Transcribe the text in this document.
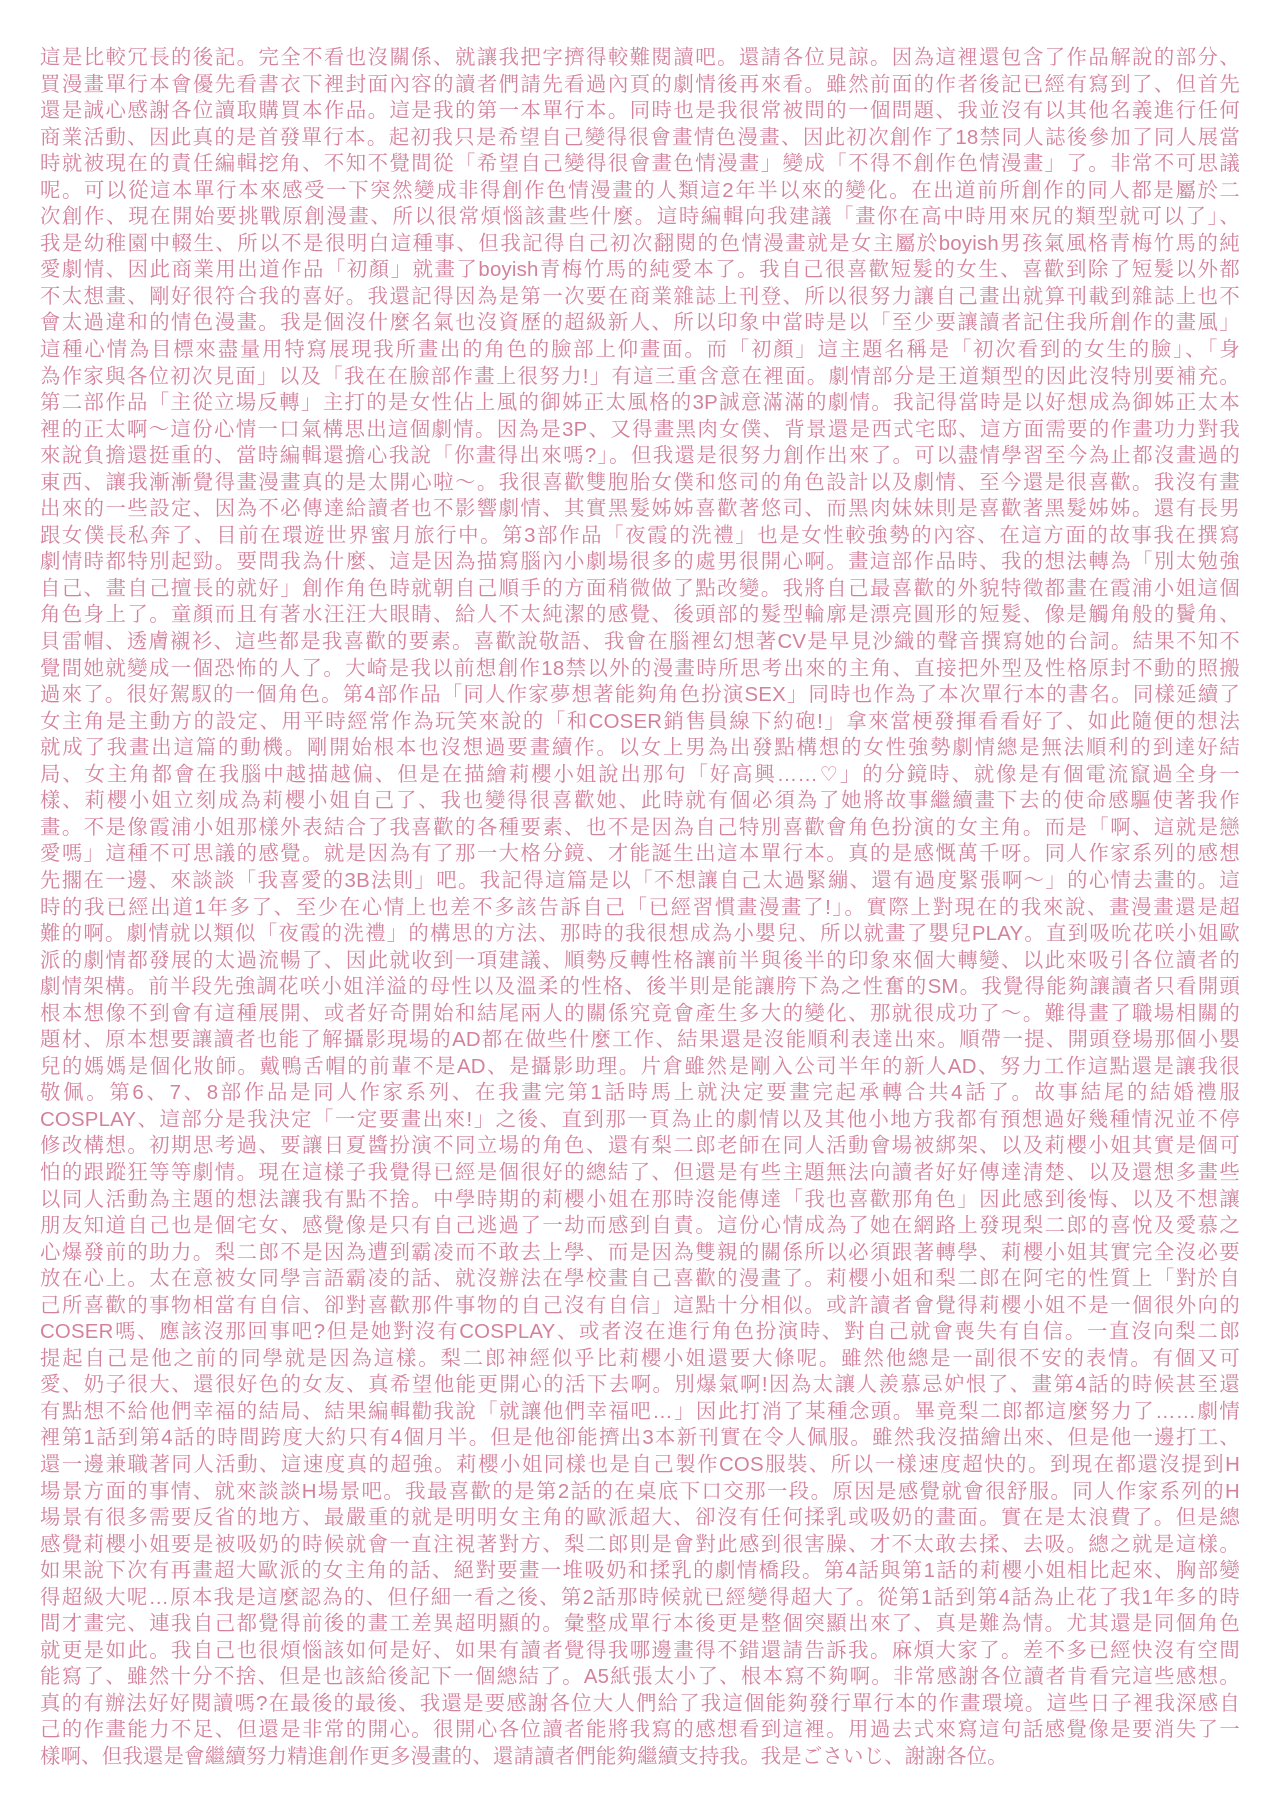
這是比較冗長的後記。完全不看也沒關係、就讓我把字擠得較難閱讀吧。還請各位見諒。因為這裡還包含了作品解說的部分、
買漫畫單行本會優先看書衣下裡封面內容的讀者們請先看過內頁的劇情後再來看。雖然前面的作者後記已經有寫到了、但首先
還是誠心感謝各位讀取購買本作品。這是我的第一本單行本。同時也是我很常被問的一個問題、我並沒有以其他名義進行任何
商業活動、因此真的是首發單行本。起初我只是希望自己變得很會畫情色漫畫、因此初次創作了18禁同人誌後參加了同人展當
時就被現在的責任編輯挖角、不知不覺間從「希望自己變得很會畫色情漫畫」變成「不得不創作色情漫畫」了。非常不可思議
呢。可以從這本單行本來感受一下突然變成非得創作色情漫畫的人類這2年半以來的變化。在出道前所創作的同人都是屬於二
次創作、現在開始要挑戰原創漫畫、所以很常煩惱該畫些什麼。這時編輯向我建議「畫你在高中時用來尻的類型就可以了」、
我是幼稚園中輟生、所以不是很明白這種事、但我記得自己初次翻閱的色情漫畫就是女主屬於boyish男孩氣風格青梅竹馬的純
愛劇情、因此商業用出道作品「初顏」就畫了boyish青梅竹馬的純愛本了。我自己很喜歡短髮的女生、喜歡到除了短髮以外都
不太想畫、剛好很符合我的喜好。我還記得因為是第一次要在商業雜誌上刊登、所以很努力讓自己畫出就算刊載到雜誌上也不
會太過違和的情色漫畫。我是個沒什麼名氣也沒資歷的超級新人、所以印象中當時是以「至少要讓讀者記住我所創作的畫風」
這種心情為目標來盡量用特寫展現我所畫出的角色的臉部上仰畫面。而「初顏」這主題名稱是「初次看到的女生的臉」、「身
為作家與各位初次見面」以及「我在在臉部作畫上很努力!」有這三重含意在裡面。劇情部分是王道類型的因此沒特別要補充。
第二部作品「主從立場反轉」主打的是女性佔上風的御姊正太風格的3P誠意滿滿的劇情。我記得當時是以好想成為御姊正太本
裡的正太啊～這份心情一口氣構思出這個劇情。因為是3P、又得畫黑肉女僕、背景還是西式宅邸、這方面需要的作畫功力對我
來說負擔還挺重的、當時編輯還擔心我說「你畫得出來嗎?」。但我還是很努力創作出來了。可以盡情學習至今為止都沒畫過的
東西、讓我漸漸覺得畫漫畫真的是太開心啦～。我很喜歡雙胞胎女僕和悠司的角色設計以及劇情、至今還是很喜歡。我沒有畫
出來的一些設定、因為不必傳達給讀者也不影響劇情、其實黑髮姊姊喜歡著悠司、而黑肉妹妹則是喜歡著黑髮姊姊。還有長男
跟女僕長私奔了、目前在環遊世界蜜月旅行中。第3部作品「夜霞的洗禮」也是女性較強勢的內容、在這方面的故事我在撰寫
劇情時都特別起勁。要問我為什麼、這是因為描寫腦內小劇場很多的處男很開心啊。畫這部作品時、我的想法轉為「別太勉強
自己、畫自己擅長的就好」創作角色時就朝自己順手的方面稍微做了點改變。我將自己最喜歡的外貌特徵都畫在霞浦小姐這個
角色身上了。童顏而且有著水汪汪大眼睛、給人不太純潔的感覺、後頭部的髮型輪廓是漂亮圓形的短髮、像是觸角般的鬢角、
貝雷帽、透膚襯衫、這些都是我喜歡的要素。喜歡說敬語、我會在腦裡幻想著CV是早見沙織的聲音撰寫她的台詞。結果不知不
覺間她就變成一個恐怖的人了。大崎是我以前想創作18禁以外的漫畫時所思考出來的主角、直接把外型及性格原封不動的照搬
過來了。很好駕馭的一個角色。第4部作品「同人作家夢想著能夠角色扮演SEX」同時也作為了本次單行本的書名。同樣延續了
女主角是主動方的設定、用平時經常作為玩笑來說的「和COSER銷售員線下約砲!」拿來當梗發揮看看好了、如此隨便的想法
就成了我畫出這篇的動機。剛開始根本也沒想過要畫續作。以女上男為出發點構想的女性強勢劇情總是無法順利的到達好結
局、女主角都會在我腦中越描越偏、但是在描繪莉櫻小姐說出那句「好高興……♡」的分鏡時、就像是有個電流竄過全身一
樣、莉櫻小姐立刻成為莉櫻小姐自己了、我也變得很喜歡她、此時就有個必須為了她將故事繼續畫下去的使命感驅使著我作
畫。不是像霞浦小姐那樣外表結合了我喜歡的各種要素、也不是因為自己特別喜歡會角色扮演的女主角。而是「啊、這就是戀
愛嗎」這種不可思議的感覺。就是因為有了那一大格分鏡、才能誕生出這本單行本。真的是感慨萬千呀。同人作家系列的感想
先擱在一邊、來談談「我喜愛的3B法則」吧。我記得這篇是以「不想讓自己太過緊繃、還有過度緊張啊～」的心情去畫的。這
時的我已經出道1年多了、至少在心情上也差不多該告訴自己「已經習慣畫漫畫了!」。實際上對現在的我來說、畫漫畫還是超
難的啊。劇情就以類似「夜霞的洗禮」的構思的方法、那時的我很想成為小嬰兒、所以就畫了嬰兒PLAY。直到吸吮花咲小姐歐
派的劇情都發展的太過流暢了、因此就收到一項建議、順勢反轉性格讓前半與後半的印象來個大轉變、以此來吸引各位讀者的
劇情架構。前半段先強調花咲小姐洋溢的母性以及溫柔的性格、後半則是能讓胯下為之性奮的SM。我覺得能夠讓讀者只看開頭
根本想像不到會有這種展開、或者好奇開始和結尾兩人的關係究竟會產生多大的變化、那就很成功了～。難得畫了職場相關的
題材、原本想要讓讀者也能了解攝影現場的AD都在做些什麼工作、結果還是沒能順利表達出來。順帶一提、開頭登場那個小嬰
兒的媽媽是個化妝師。戴鴨舌帽的前輩不是AD、是攝影助理。片倉雖然是剛入公司半年的新人AD、努力工作這點還是讓我很
敬佩。第6、7、8部作品是同人作家系列、在我畫完第1話時馬上就決定要畫完起承轉合共4話了。故事結尾的結婚禮服
COSPLAY、這部分是我決定「一定要畫出來!」之後、直到那一頁為止的劇情以及其他小地方我都有預想過好幾種情況並不停
修改構想。初期思考過、要讓日夏醬扮演不同立場的角色、還有梨二郎老師在同人活動會場被綁架、以及莉櫻小姐其實是個可
怕的跟蹤狂等等劇情。現在這樣子我覺得已經是個很好的總結了、但還是有些主題無法向讀者好好傳達清楚、以及還想多畫些
以同人活動為主題的想法讓我有點不捨。中學時期的莉櫻小姐在那時沒能傳達「我也喜歡那角色」因此感到後悔、以及不想讓
朋友知道自己也是個宅女、感覺像是只有自己逃過了一劫而感到自責。這份心情成為了她在網路上發現梨二郎的喜悅及愛慕之
心爆發前的助力。梨二郎不是因為遭到霸凌而不敢去上學、而是因為雙親的關係所以必須跟著轉學、莉櫻小姐其實完全沒必要
放在心上。太在意被女同學言語霸凌的話、就沒辦法在學校畫自己喜歡的漫畫了。莉櫻小姐和梨二郎在阿宅的性質上「對於自
己所喜歡的事物相當有自信、卻對喜歡那件事物的自己沒有自信」這點十分相似。或許讀者會覺得莉櫻小姐不是一個很外向的
COSER嗎、應該沒那回事吧?但是她對沒有COSPLAY、或者沒在進行角色扮演時、對自己就會喪失有自信。一直沒向梨二郎
提起自己是他之前的同學就是因為這樣。梨二郎神經似乎比莉櫻小姐還要大條呢。雖然他總是一副很不安的表情。有個又可
愛、奶子很大、還很好色的女友、真希望他能更開心的活下去啊。別爆氣啊!因為太讓人羨慕忌妒恨了、畫第4話的時候甚至還
有點想不給他們幸福的結局、結果編輯勸我說「就讓他們幸福吧…」因此打消了某種念頭。畢竟梨二郎都這麼努力了……劇情
裡第1話到第4話的時間跨度大約只有4個月半。但是他卻能擠出3本新刊實在令人佩服。雖然我沒描繪出來、但是他一邊打工、
還一邊兼職著同人活動、這速度真的超強。莉櫻小姐同樣也是自己製作COS服裝、所以一樣速度超快的。到現在都還沒提到H
場景方面的事情、就來談談H場景吧。我最喜歡的是第2話的在桌底下口交那一段。原因是感覺就會很舒服。同人作家系列的H
場景有很多需要反省的地方、最嚴重的就是明明女主角的歐派超大、卻沒有任何揉乳或吸奶的畫面。實在是太浪費了。但是總
感覺莉櫻小姐要是被吸奶的時候就會一直注視著對方、梨二郎則是會對此感到很害臊、才不太敢去揉、去吸。總之就是這樣。
如果說下次有再畫超大歐派的女主角的話、絕對要畫一堆吸奶和揉乳的劇情橋段。第4話與第1話的莉櫻小姐相比起來、胸部變
得超級大呢…原本我是這麼認為的、但仔細一看之後、第2話那時候就已經變得超大了。從第1話到第4話為止花了我1年多的時
間才畫完、連我自己都覺得前後的畫工差異超明顯的。彙整成單行本後更是整個突顯出來了、真是難為情。尤其還是同個角色
就更是如此。我自己也很煩惱該如何是好、如果有讀者覺得我哪邊畫得不錯還請告訴我。麻煩大家了。差不多已經快沒有空間
能寫了、雖然十分不捨、但是也該給後記下一個總結了。A5紙張太小了、根本寫不夠啊。非常感謝各位讀者肯看完這些感想。
真的有辦法好好閱讀嗎?在最後的最後、我還是要感謝各位大人們給了我這個能夠發行單行本的作畫環境。這些日子裡我深感自
己的作畫能力不足、但還是非常的開心。很開心各位讀者能將我寫的感想看到這裡。用過去式來寫這句話感覺像是要消失了一
樣啊、但我還是會繼續努力精進創作更多漫畫的、還請讀者們能夠繼續支持我。我是ごさいじ、謝謝各位。
